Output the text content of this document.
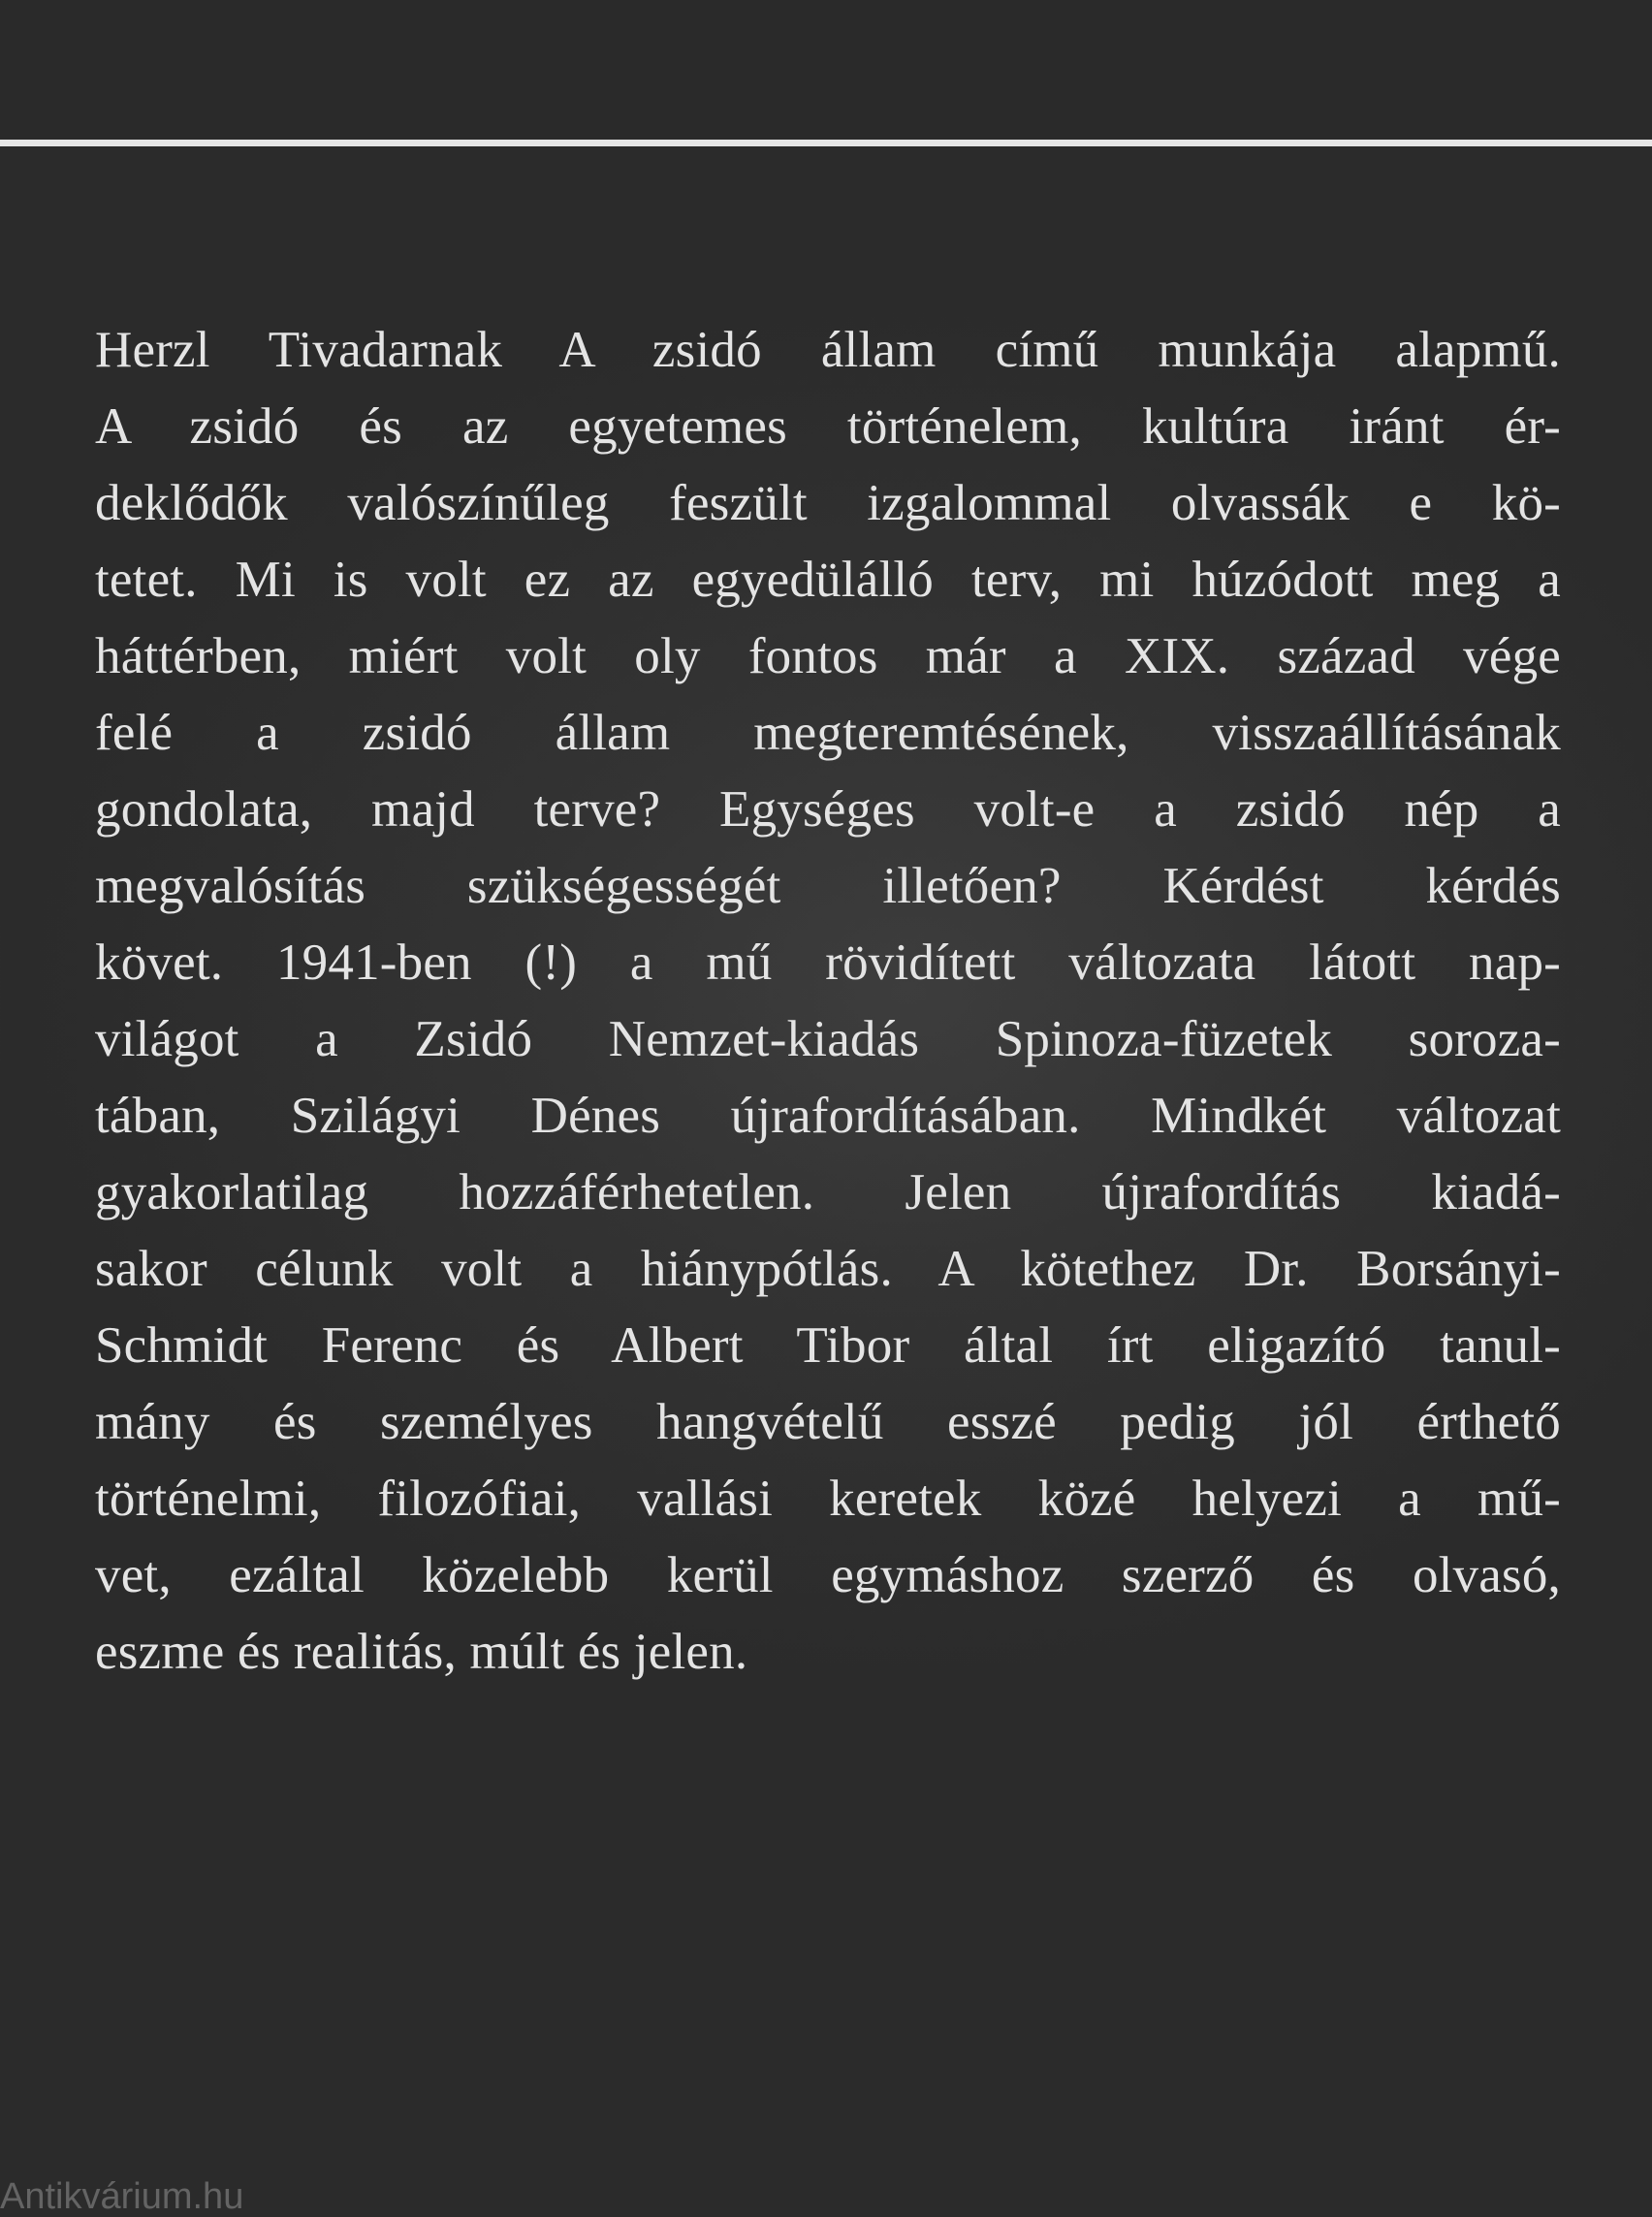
Herzl Tivadarnak A zsidó állam című munkája alapmű.
A zsidó és az egyetemes történelem, kultúra iránt ér-
deklődők valószínűleg feszült izgalommal olvassák e kö-
tetet. Mi is volt ez az egyedülálló terv, mi húzódott meg a
háttérben, miért volt oly fontos már a XIX. század vége
felé a zsidó állam megteremtésének, visszaállításának
gondolata, majd terve? Egységes volt-e a zsidó nép a
megvalósítás szükségességét illetően? Kérdést kérdés
követ. 1941-ben (!) a mű rövidített változata látott nap-
világot a Zsidó Nemzet-kiadás Spinoza-füzetek soroza-
tában, Szilágyi Dénes újrafordításában. Mindkét változat
gyakorlatilag hozzáférhetetlen. Jelen újrafordítás kiadá-
sakor célunk volt a hiánypótlás. A kötethez Dr. Borsányi-
Schmidt Ferenc és Albert Tibor által írt eligazító tanul-
mány és személyes hangvételű esszé pedig jól érthető
történelmi, filozófiai, vallási keretek közé helyezi a mű-
vet, ezáltal közelebb kerül egymáshoz szerző és olvasó,
eszme és realitás, múlt és jelen.
Antikvárium.hu
